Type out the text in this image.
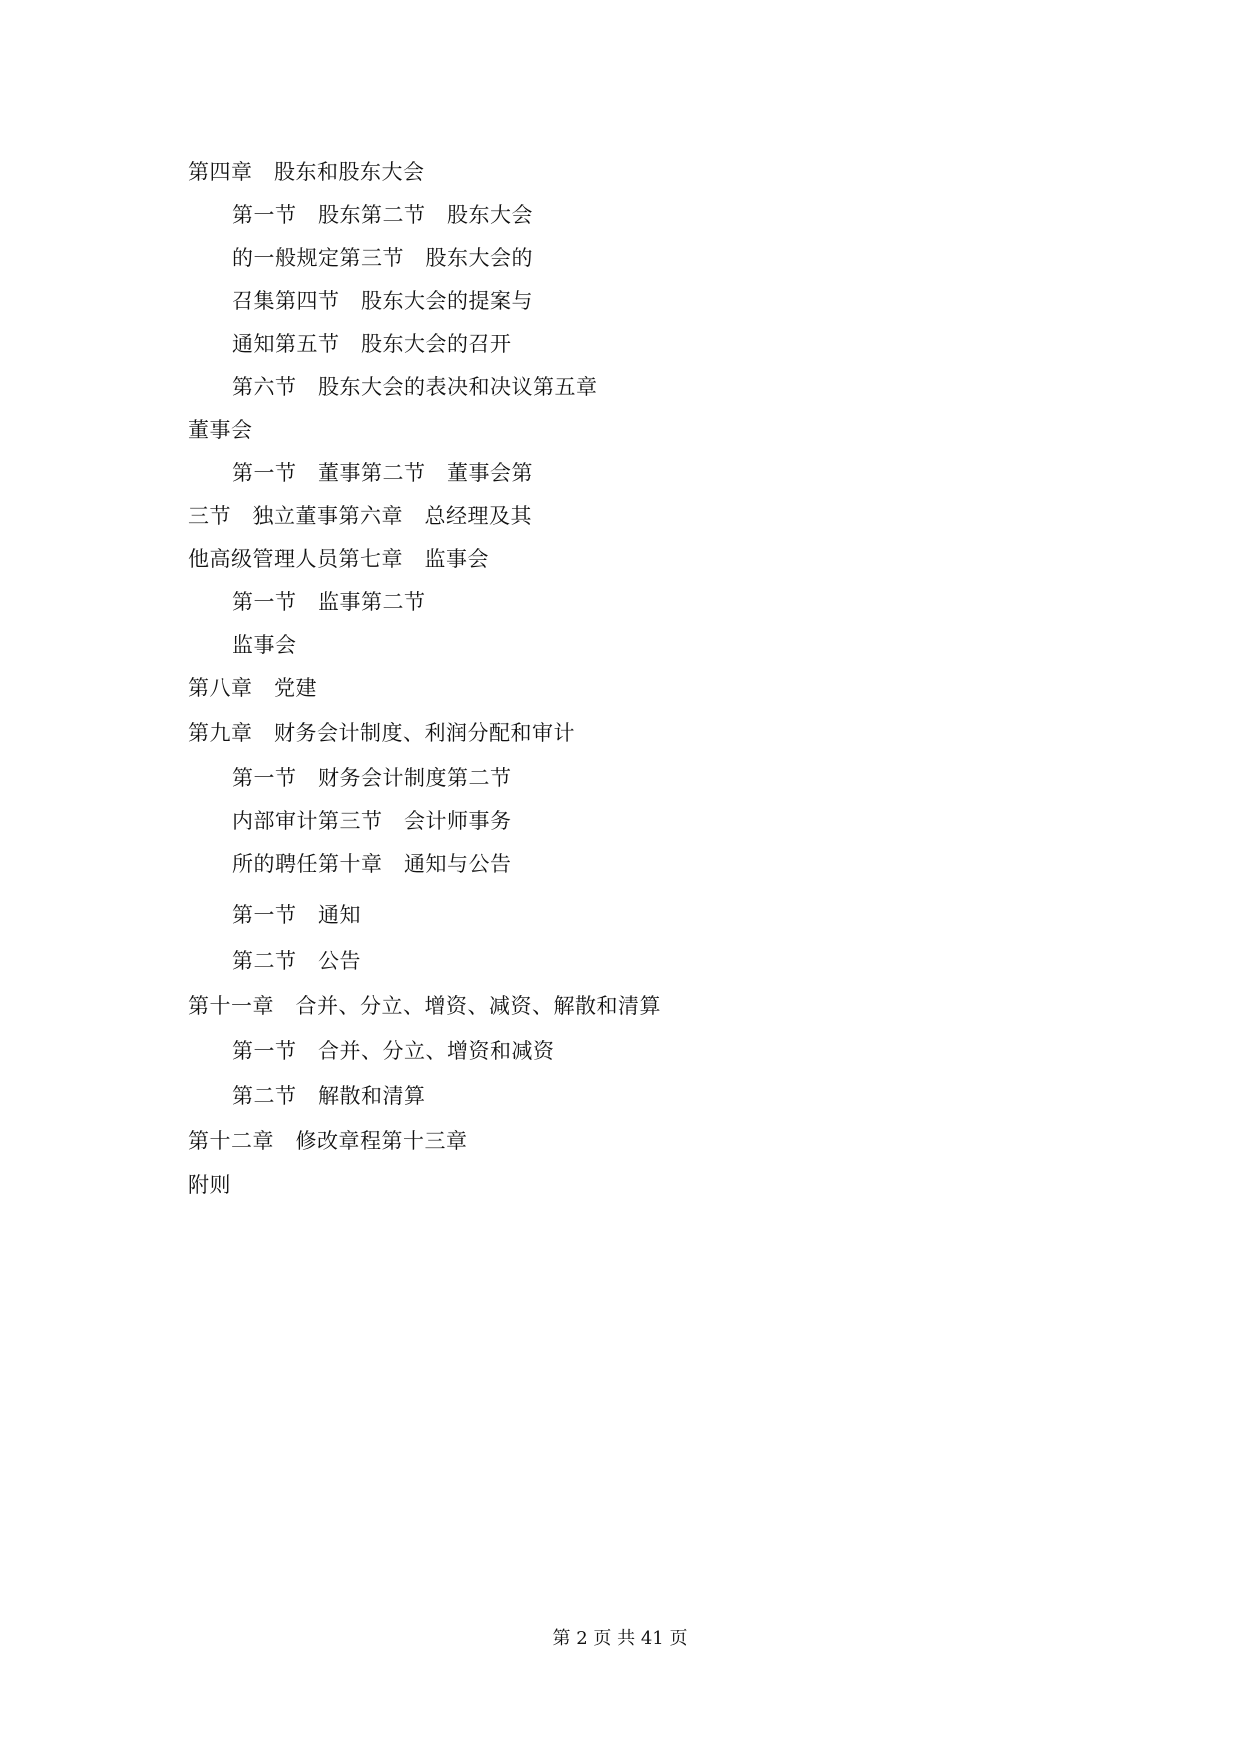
第四章　股东和股东大会
第一节　股东第二节　股东大会
的一般规定第三节　股东大会的
召集第四节　股东大会的提案与
通知第五节　股东大会的召开
第六节　股东大会的表决和决议第五章
董事会
第一节　董事第二节　董事会第
三节　独立董事第六章　总经理及其
他高级管理人员第七章　监事会
第一节　监事第二节
监事会
第八章　党建
第九章　财务会计制度、利润分配和审计
第一节　财务会计制度第二节
内部审计第三节　会计师事务
所的聘任第十章　通知与公告
第一节　通知
第二节　公告
第十一章　合并、分立、增资、减资、解散和清算
第一节　合并、分立、增资和减资
第二节　解散和清算
第十二章　修改章程第十三章
附则
第 2 页 共 41 页
